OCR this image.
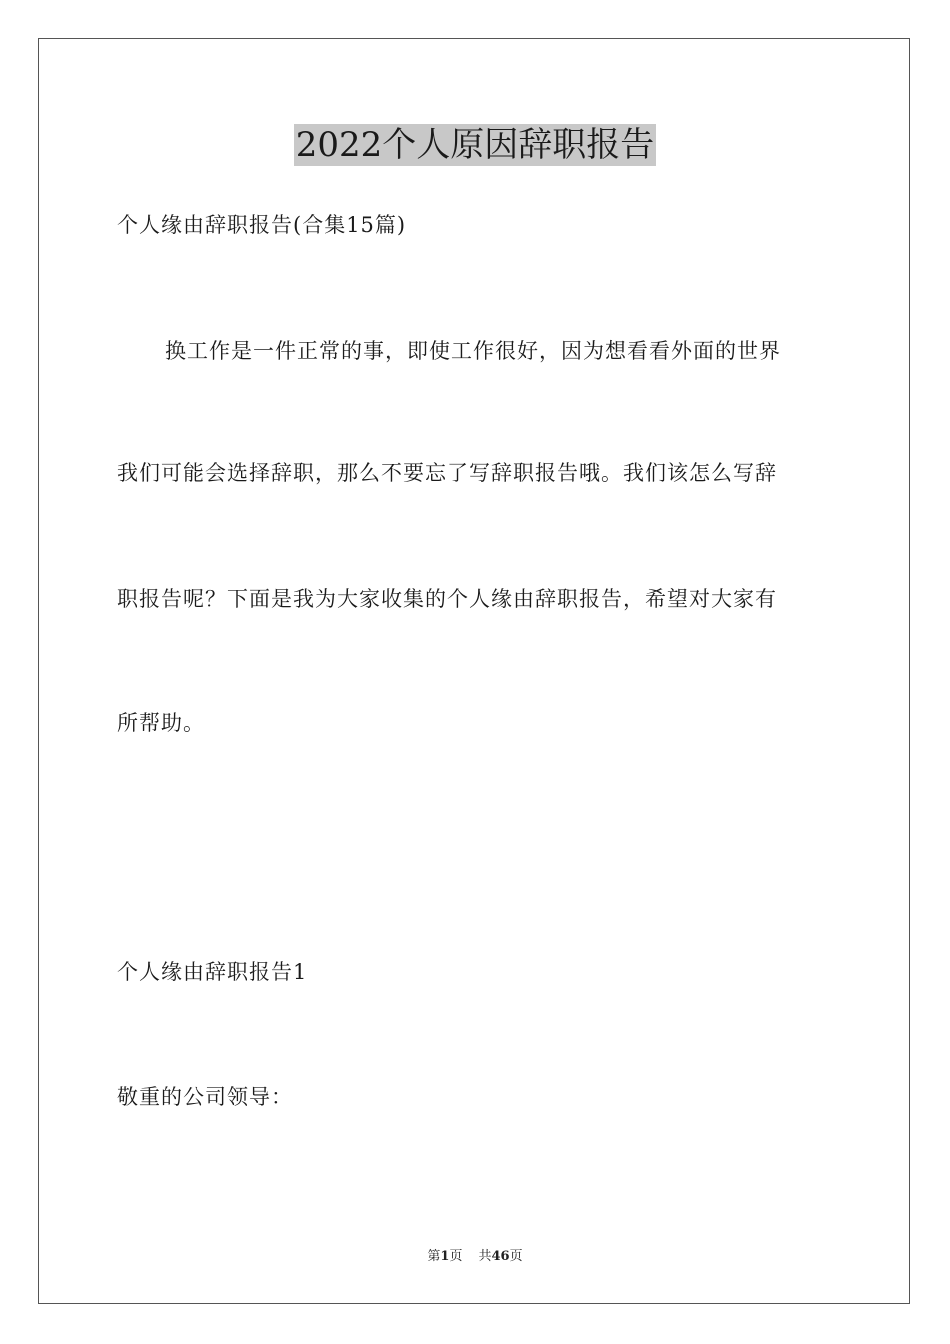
2022个人原因辞职报告
个人缘由辞职报告(合集15篇)
换工作是一件正常的事，即使工作很好，因为想看看外面的世界
我们可能会选择辞职，那么不要忘了写辞职报告哦。我们该怎么写辞
职报告呢？下面是我为大家收集的个人缘由辞职报告，希望对大家有
所帮助。
个人缘由辞职报告1
敬重的公司领导：
第1页 共46页
